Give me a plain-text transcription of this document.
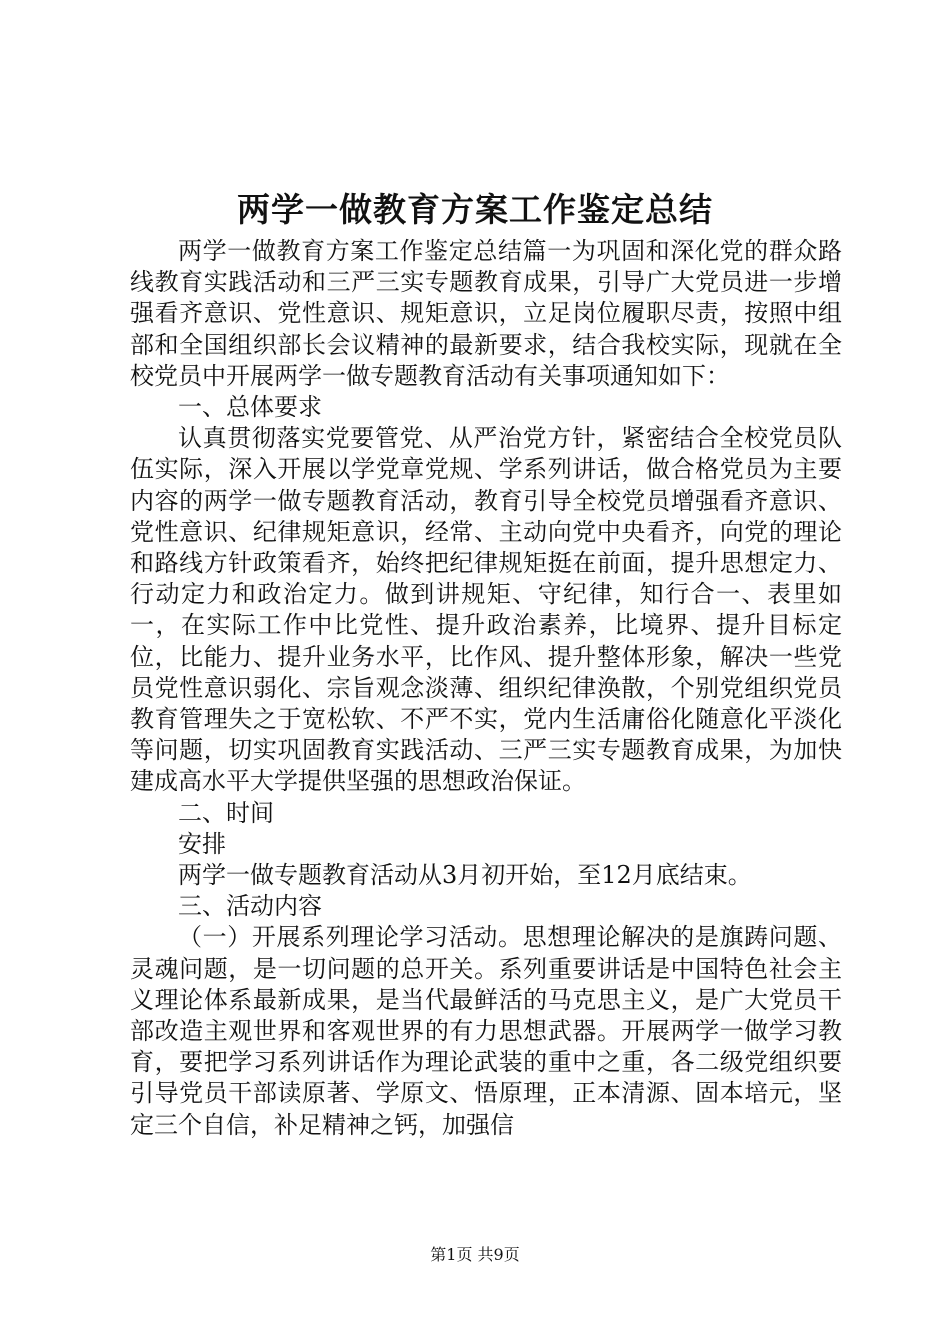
两学一做教育方案工作鉴定总结

两学一做教育方案工作鉴定总结篇一为巩固和深化党的群众路线教育实践活动和三严三实专题教育成果，引导广大党员进一步增强看齐意识、党性意识、规矩意识，立足岗位履职尽责，按照中组部和全国组织部长会议精神的最新要求，结合我校实际，现就在全校党员中开展两学一做专题教育活动有关事项通知如下：

一、总体要求

认真贯彻落实党要管党、从严治党方针，紧密结合全校党员队伍实际，深入开展以学党章党规、学系列讲话，做合格党员为主要内容的两学一做专题教育活动，教育引导全校党员增强看齐意识、党性意识、纪律规矩意识，经常、主动向党中央看齐，向党的理论和路线方针政策看齐，始终把纪律规矩挺在前面，提升思想定力、行动定力和政治定力。做到讲规矩、守纪律，知行合一、表里如一，在实际工作中比党性、提升政治素养，比境界、提升目标定位，比能力、提升业务水平，比作风、提升整体形象，解决一些党员党性意识弱化、宗旨观念淡薄、组织纪律涣散，个别党组织党员教育管理失之于宽松软、不严不实，党内生活庸俗化随意化平淡化等问题，切实巩固教育实践活动、三严三实专题教育成果，为加快建成高水平大学提供坚强的思想政治保证。

二、时间

安排

两学一做专题教育活动从3月初开始，至12月底结束。

三、活动内容

（一）开展系列理论学习活动。思想理论解决的是旗踌问题、灵魂问题，是一切问题的总开关。系列重要讲话是中国特色社会主义理论体系最新成果，是当代最鲜活的马克思主义，是广大党员干部改造主观世界和客观世界的有力思想武器。开展两学一做学习教育，要把学习系列讲话作为理论武装的重中之重，各二级党组织要引导党员干部读原著、学原文、悟原理，正本清源、固本培元，坚定三个自信，补足精神之钙，加强信

第1页 共9页
